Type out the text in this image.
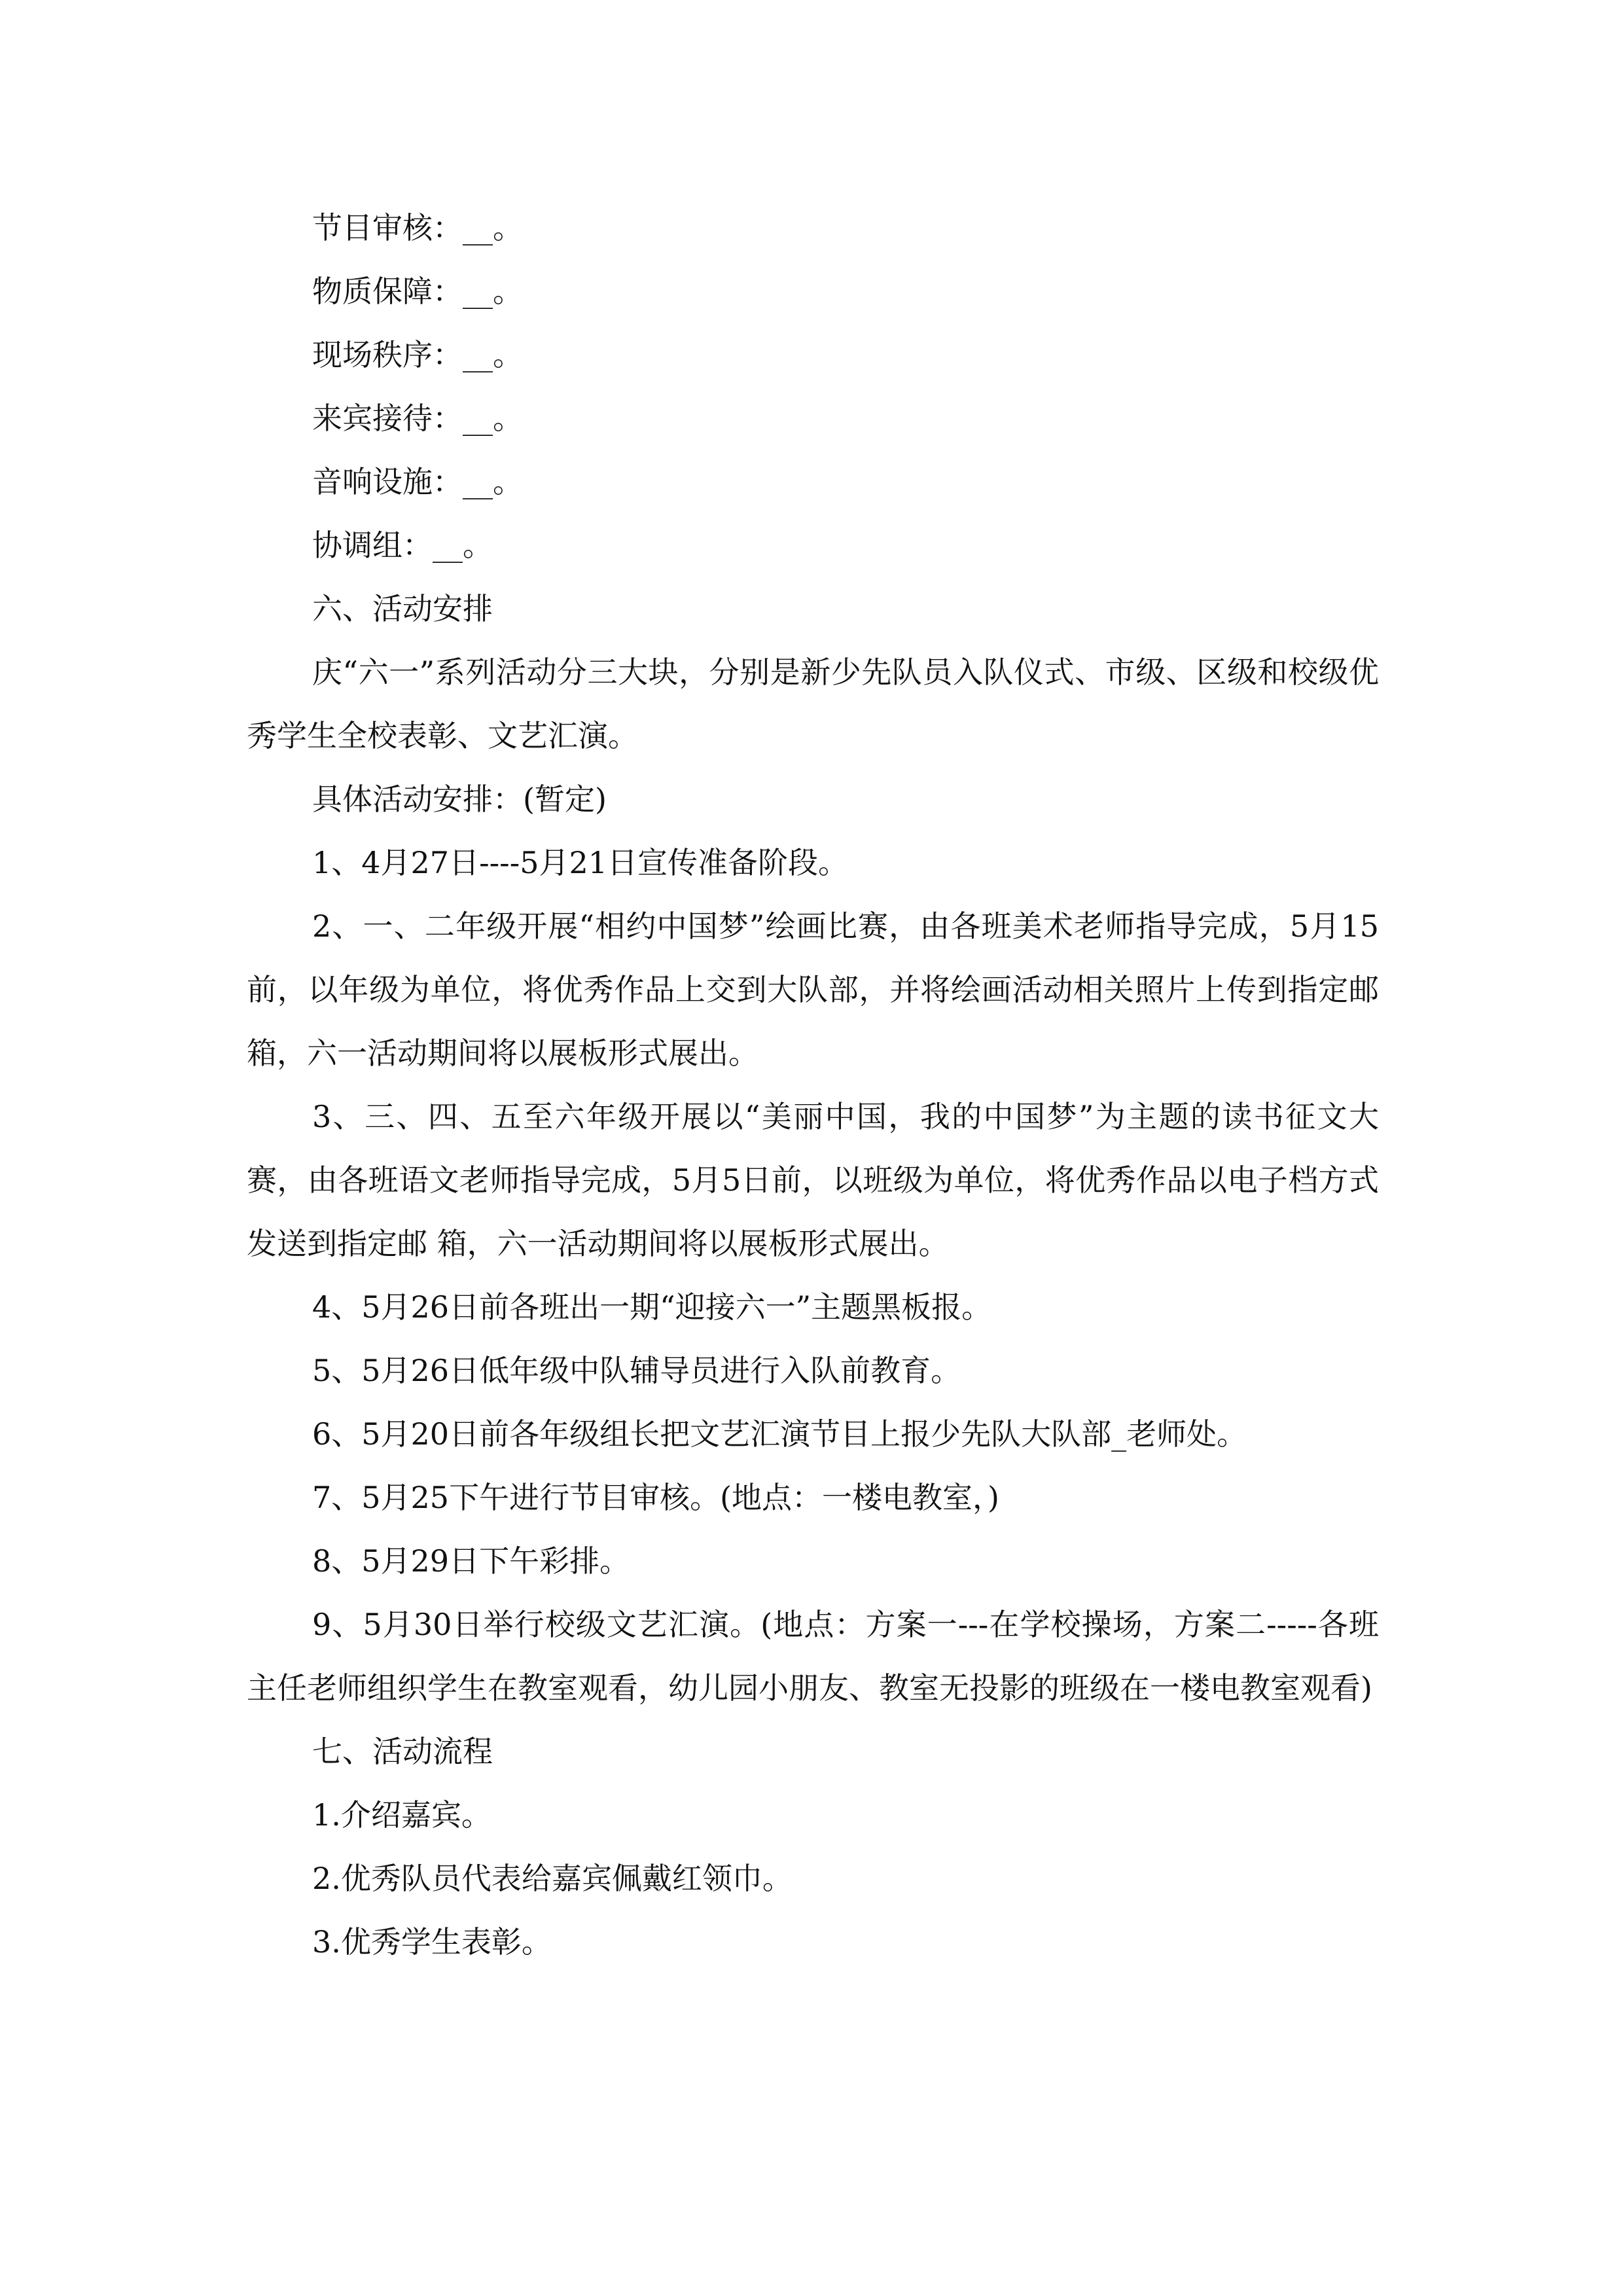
节目审核：__。

物质保障：__。

现场秩序：__。

来宾接待：__。

音响设施：__。

协调组：__。

六、活动安排

庆“六一”系列活动分三大块，分别是新少先队员入队仪式、市级、区级和校级优秀学生全校表彰、文艺汇演。

具体活动安排：(暂定)

1、4月27日----5月21日宣传准备阶段。

2、一、二年级开展“相约中国梦”绘画比赛，由各班美术老师指导完成，5月15前，以年级为单位，将优秀作品上交到大队部，并将绘画活动相关照片上传到指定邮 箱，六一活动期间将以展板形式展出。

3、三、四、五至六年级开展以“美丽中国，我的中国梦”为主题的读书征文大赛，由各班语文老师指导完成，5月5日前，以班级为单位，将优秀作品以电子档方式发送到指定邮 箱，六一活动期间将以展板形式展出。

4、5月26日前各班出一期“迎接六一”主题黑板报。

5、5月26日低年级中队辅导员进行入队前教育。

6、5月20日前各年级组长把文艺汇演节目上报少先队大队部_老师处。

7、5月25下午进行节目审核。(地点：一楼电教室，)

8、5月29日下午彩排。

9、5月30日举行校级文艺汇演。(地点：方案一---在学校操场，方案二-----各班主任老师组织学生在教室观看，幼儿园小朋友、教室无投影的班级在一楼电教室观看)

七、活动流程

1.介绍嘉宾。

2.优秀队员代表给嘉宾佩戴红领巾。

3.优秀学生表彰。
